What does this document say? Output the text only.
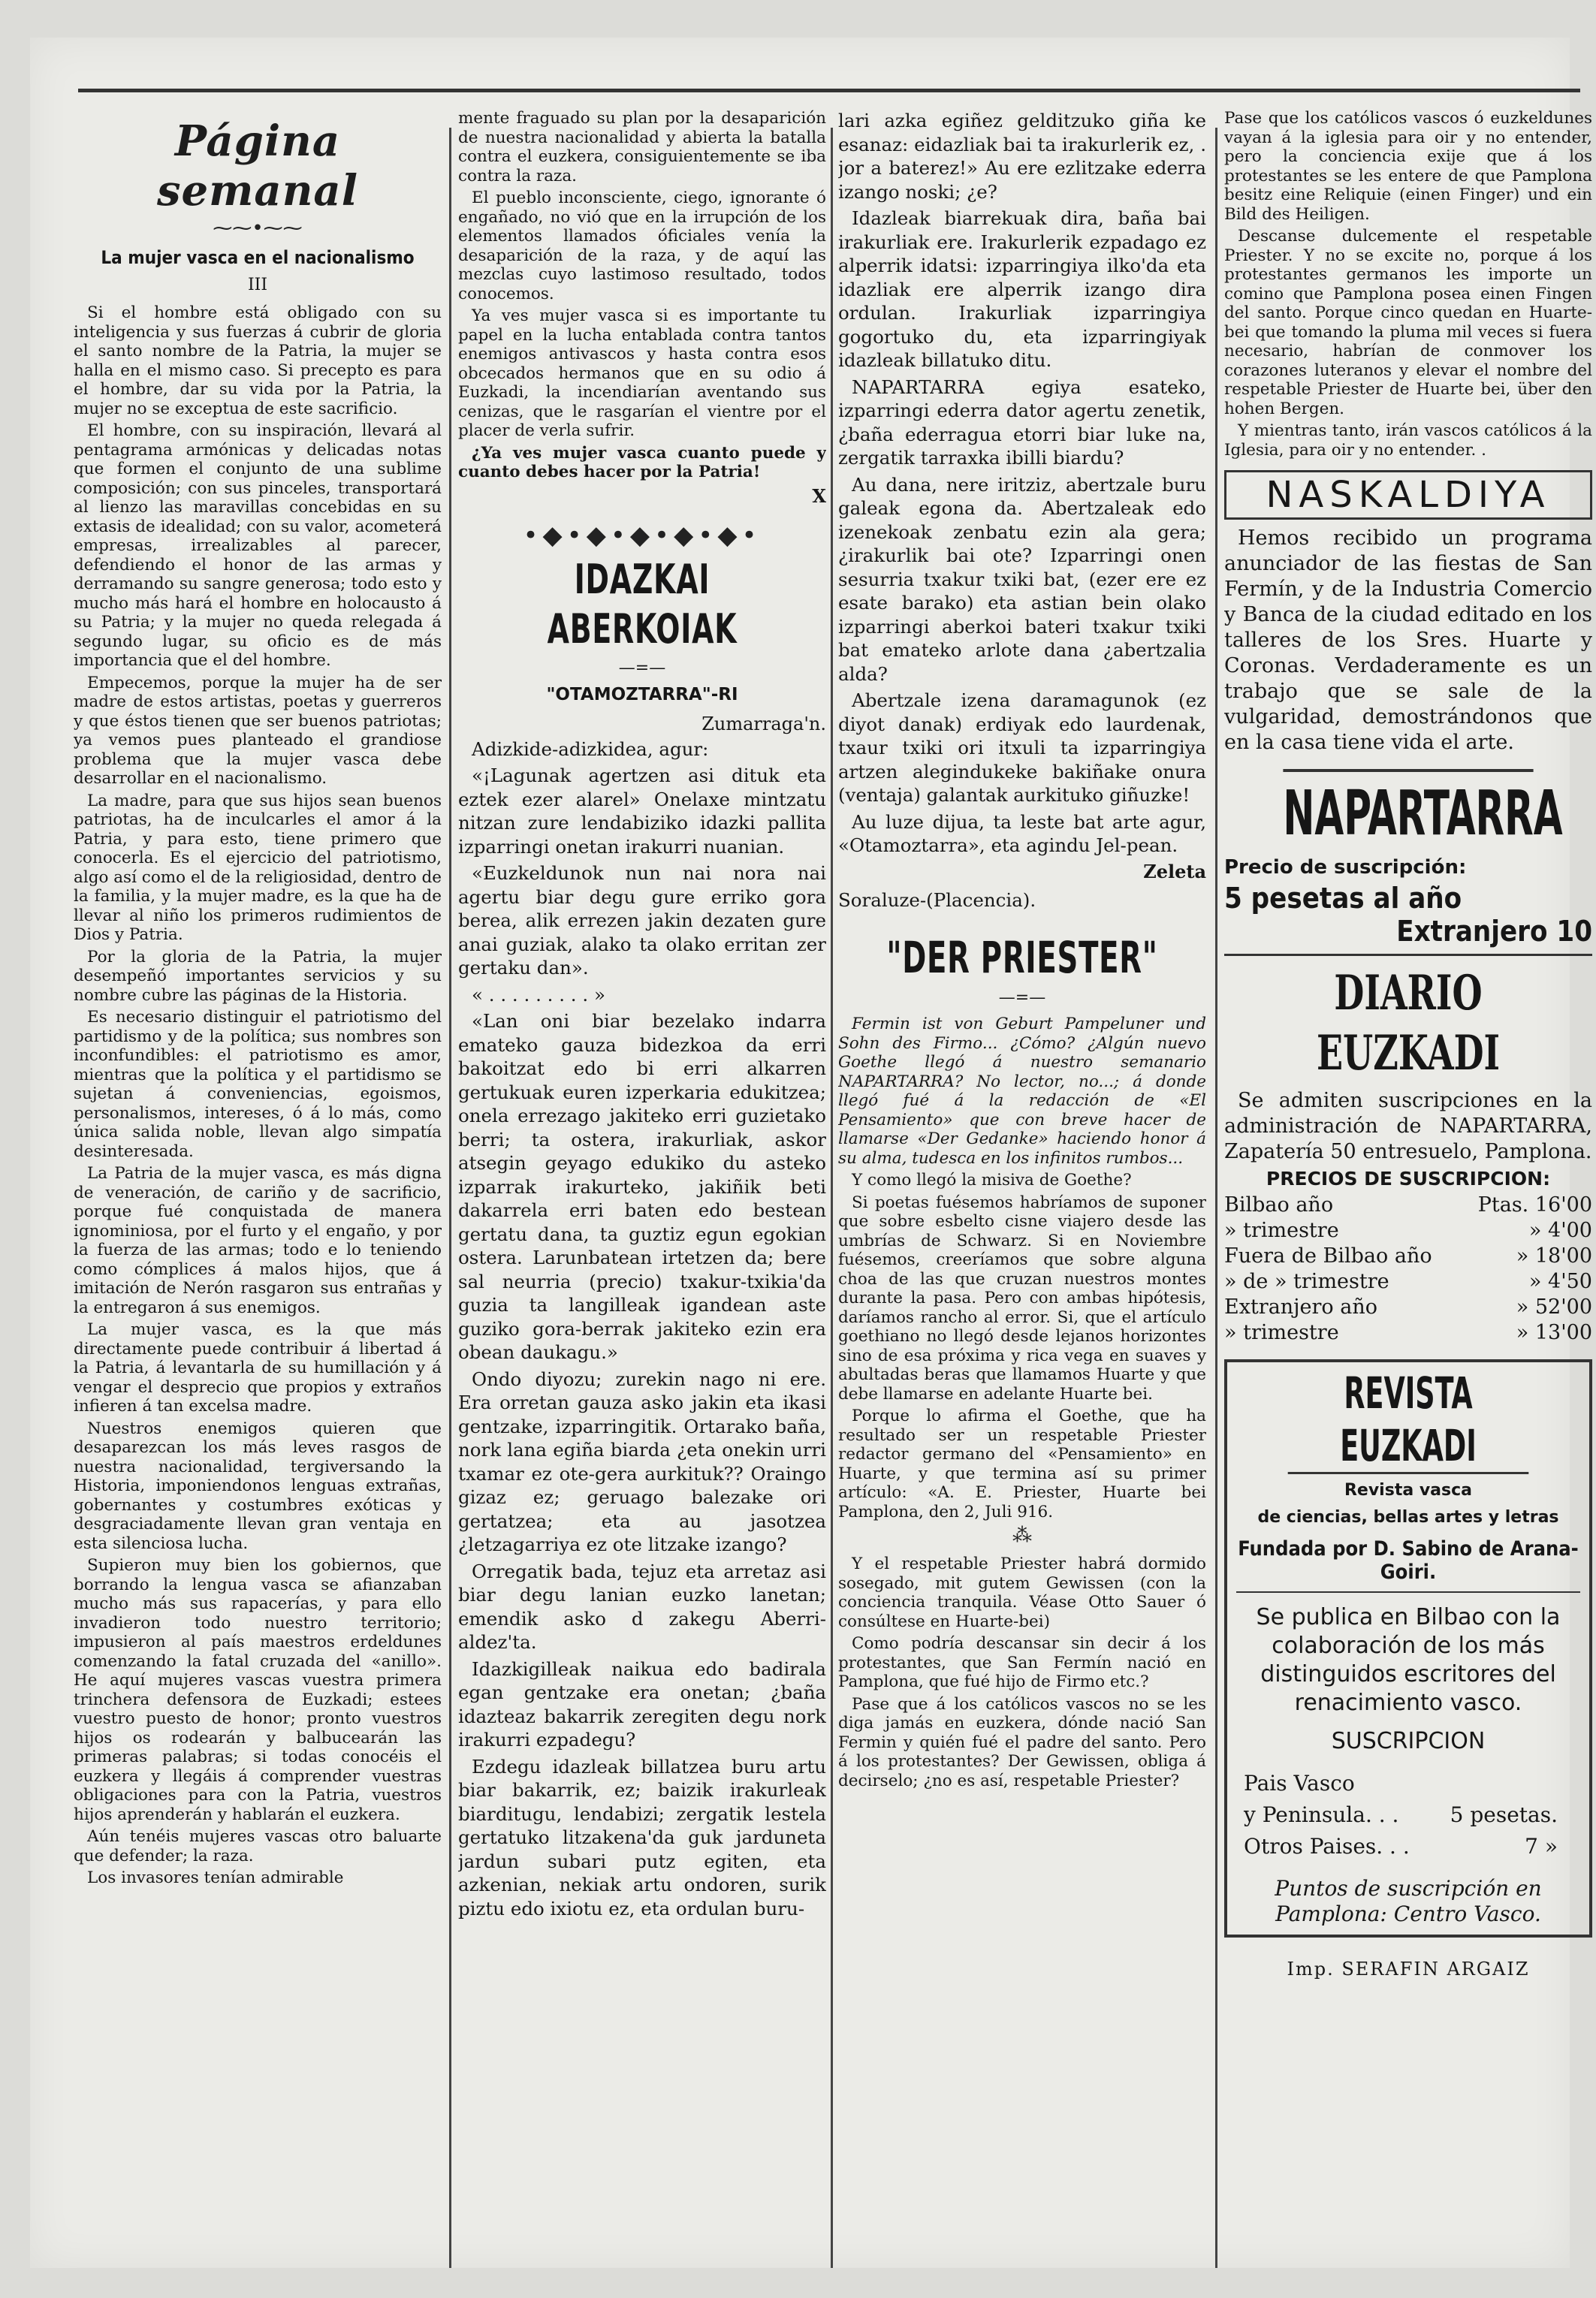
Página semanal
⁓⁓•⁓⁓
La mujer vasca en el nacionalismo
III

Si el hombre está obligado con su inteligencia y sus fuerzas á cubrir de gloria el santo nombre de la Patria, la mujer se halla en el mismo caso. Si precepto es para el hombre, dar su vida por la Patria, la mujer no se exceptua de este sacrificio.

El hombre, con su inspiración, llevará al pentagrama armónicas y delicadas notas que formen el conjunto de una sublime composición; con sus pinceles, transportará al lienzo las maravillas concebidas en su extasis de idealidad; con su valor, acometerá empresas, irrealizables al parecer, defendiendo el honor de las armas y derramando su sangre generosa; todo esto y mucho más hará el hombre en holocausto á su Patria; y la mujer no queda relegada á segundo lugar, su oficio es de más importancia que el del hombre.

Empecemos, porque la mujer ha de ser madre de estos artistas, poetas y guerreros y que éstos tienen que ser buenos patriotas; ya vemos pues planteado el grandiose problema que la mujer vasca debe desarrollar en el nacionalismo.

La madre, para que sus hijos sean buenos patriotas, ha de inculcarles el amor á la Patria, y para esto, tiene primero que conocerla. Es el ejercicio del patriotismo, algo así como el de la religiosidad, dentro de la familia, y la mujer madre, es la que ha de llevar al niño los primeros rudimientos de Dios y Patria.

Por la gloria de la Patria, la mujer desempeñó importantes servicios y su nombre cubre las páginas de la Historia.

Es necesario distinguir el patriotismo del partidismo y de la política; sus nombres son inconfundibles: el patriotismo es amor, mientras que la política y el partidismo se sujetan á conveniencias, egoismos, personalismos, intereses, ó á lo más, como única salida noble, llevan algo simpatía desinteresada.

La Patria de la mujer vasca, es más digna de veneración, de cariño y de sacrificio, porque fué conquistada de manera ignominiosa, por el furto y el engaño, y por la fuerza de las armas; todo e lo teniendo como cómplices á malos hijos, que á imitación de Nerón rasgaron sus entrañas y la entregaron á sus enemigos.

La mujer vasca, es la que más directamente puede contribuir á libertad á la Patria, á levantarla de su humillación y á vengar el desprecio que propios y extraños infieren á tan excelsa madre.

Nuestros enemigos quieren que desaparezcan los más leves rasgos de nuestra nacionalidad, tergiversando la Historia, imponiendonos lenguas extrañas, gobernantes y costumbres exóticas y desgraciadamente llevan gran ventaja en esta silenciosa lucha.

Supieron muy bien los gobiernos, que borrando la lengua vasca se afianzaban mucho más sus rapacerías, y para ello invadieron todo nuestro territorio; impusieron al país maestros erdeldunes comenzando la fatal cruzada del «anillo». He aquí mujeres vascas vuestra primera trinchera defensora de Euzkadi; estees vuestro puesto de honor; pronto vuestros hijos os rodearán y balbucearán las primeras palabras; si todas conocéis el euzkera y llegáis á comprender vuestras obligaciones para con la Patria, vuestros hijos aprenderán y hablarán el euzkera.

Aún tenéis mujeres vascas otro baluarte que defender; la raza.

Los invasores tenían admirable

mente fraguado su plan por la desaparición de nuestra nacionalidad y abierta la batalla contra el euzkera, consiguientemente se iba contra la raza.

El pueblo inconsciente, ciego, ignorante ó engañado, no vió que en la irrupción de los elementos llamados óficiales venía la desaparición de la raza, y de aquí las mezclas cuyo lastimoso resultado, todos conocemos.

Ya ves mujer vasca si es importante tu papel en la lucha entablada contra tantos enemigos antivascos y hasta contra esos obcecados hermanos que en su odio á Euzkadi, la incendiarían aventando sus cenizas, que le rasgarían el vientre por el placer de verla sufrir.

¿Ya ves mujer vasca cuanto puede y cuanto debes hacer por la Patria!

X
•◆•◆•◆•◆•◆•
IDAZKAI ABERKOIAK
—=—
"OTAMOZTARRA"-RI
Zumarraga'n.

Adizkide-adizkidea, agur:

«¡Lagunak agertzen asi dituk eta eztek ezer alarel» Onelaxe mintzatu nitzan zure lendabiziko idazki pallita izparringi onetan irakurri nuanian.

«Euzkeldunok nun nai nora nai agertu biar degu gure erriko gora berea, alik errezen jakin dezaten gure anai guziak, alako ta olako erritan zer gertaku dan».

« . . . . . . . . . »

«Lan oni biar bezelako indarra emateko gauza bidezkoa da erri bakoitzat edo bi erri alkarren gertukuak euren izperkaria edukitzea; onela errezago jakiteko erri guzietako berri; ta ostera, irakurliak, askor atsegin geyago edukiko du asteko izparrak irakurteko, jakiñik beti dakarrela erri baten edo bestean gertatu dana, ta guztiz egun egokian ostera. Larunbatean irtetzen da; bere sal neurria (precio) txakur-txikia'da guzia ta langilleak igandean aste guziko gora-berrak jakiteko ezin era obean daukagu.»

Ondo diyozu; zurekin nago ni ere. Era orretan gauza asko jakin eta ikasi gentzake, izparringitik. Ortarako baña, nork lana egiña biarda ¿eta onekin urri txamar ez ote-gera aurkituk?? Oraingo gizaz ez; geruago balezake ori gertatzea; eta au jasotzea ¿letzagarriya ez ote litzake izango?

Orregatik bada, tejuz eta arretaz asi biar degu lanian euzko lanetan; emendik asko d zakegu Aberri-aldez'ta.

Idazkigilleak naikua edo badirala egan gentzake era onetan; ¿baña idazteaz bakarrik zeregiten degu nork irakurri ezpadegu?

Ezdegu idazleak billatzea buru artu biar bakarrik, ez; baizik irakurleak biarditugu, lendabizi; zergatik lestela gertatuko litzakena'da guk jarduneta jardun subari putz egiten, eta azkenian, nekiak artu ondoren, surik piztu edo ixiotu ez, eta ordulan buru-

lari azka egiñez gelditzuko giña ke esanaz: eidazliak bai ta irakurlerik ez, . jor a baterez!» Au ere ezlitzake ederra izango noski; ¿e?

Idazleak biarrekuak dira, baña bai irakurliak ere. Irakurlerik ezpadago ez alperrik idatsi: izparringiya ilko'da eta idazliak ere alperrik izango dira ordulan. Irakurliak izparringiya gogortuko du, eta izparringiyak idazleak billatuko ditu.

NAPARTARRA egiya esateko, izparringi ederra dator agertu zenetik, ¿baña ederragua etorri biar luke na, zergatik tarraxka ibilli biardu?

Au dana, nere iritziz, abertzale buru galeak egona da. Abertzaleak edo izenekoak zenbatu ezin ala gera; ¿irakurlik bai ote? Izparringi onen sesurria txakur txiki bat, (ezer ere ez esate barako) eta astian bein olako izparringi aberkoi bateri txakur txiki bat emateko arlote dana ¿abertzalia alda?

Abertzale izena daramagunok (ez diyot danak) erdiyak edo laurdenak, txaur txiki ori itxuli ta izparringiya artzen alegindukeke bakiñake onura (ventaja) galantak aurkituko giñuzke!

Au luze dijua, ta leste bat arte agur, «Otamoztarra», eta agindu Jel-pean.

Zeleta

Soraluze-(Placencia).

"DER PRIESTER"
—=—

Fermin ist von Geburt Pampeluner und Sohn des Firmo... ¿Cómo? ¿Algún nuevo Goethe llegó á nuestro semanario NAPARTARRA? No lector, no...; á donde llegó fué á la redacción de «El Pensamiento» que con breve hacer de llamarse «Der Gedanke» haciendo honor á su alma, tudesca en los infinitos rumbos...

Y como llegó la misiva de Goethe?

Si poetas fuésemos habríamos de suponer que sobre esbelto cisne viajero desde las umbrías de Schwarz. Si en Noviembre fuésemos, creeríamos que sobre alguna choa de las que cruzan nuestros montes durante la pasa. Pero con ambas hipótesis, daríamos rancho al error. Si, que el artículo goethiano no llegó desde lejanos horizontes sino de esa próxima y rica vega en suaves y abultadas beras que llamamos Huarte y que debe llamarse en adelante Huarte bei.

Porque lo afirma el Goethe, que ha resultado ser un respetable Priester redactor germano del «Pensamiento» en Huarte, y que termina así su primer artículo: «A. E. Priester, Huarte bei Pamplona, den 2, Juli 916.

⁂

Y el respetable Priester habrá dormido sosegado, mit gutem Gewissen (con la conciencia tranquila. Véase Otto Sauer ó consúltese en Huarte-bei)

Como podría descansar sin decir á los protestantes, que San Fermín nació en Pamplona, que fué hijo de Firmo etc.?

Pase que á los católicos vascos no se les diga jamás en euzkera, dónde nació San Fermin y quién fué el padre del santo. Pero á los protestantes? Der Gewissen, obliga á decirselo; ¿no es así, respetable Priester?

Pase que los católicos vascos ó euzkeldunes vayan á la iglesia para oir y no entender, pero la conciencia exije que á los protestantes se les entere de que Pamplona besitz eine Reliquie (einen Finger) und ein Bild des Heiligen.

Descanse dulcemente el respetable Priester. Y no se excite no, porque á los protestantes germanos les importe un comino que Pamplona posea einen Fingen del santo. Porque cinco quedan en Huarte-bei que tomando la pluma mil veces si fuera necesario, habrían de conmover los corazones luteranos y elevar el nombre del respetable Priester de Huarte bei, über den hohen Bergen.

Y mientras tanto, irán vascos católicos á la Iglesia, para oir y no entender. .

NASKALDIYA

Hemos recibido un programa anunciador de las fiestas de San Fermín, y de la Industria Comercio y Banca de la ciudad editado en los talleres de los Sres. Huarte y Coronas. Verdaderamente es un trabajo que se sale de la vulgaridad, demostrándonos que en la casa tiene vida el arte.

NAPARTARRA
Precio de suscripción:
5 pesetas al año
Extranjero 10
DIARIO EUZKADI

Se admiten suscripciones en la administración de NAPARTARRA, Zapatería 50 entresuelo, Pamplona.

PRECIOS DE SUSCRIPCION:
Bilbao año	Ptas. 16'00
» trimestre	» 4'00
Fuera de Bilbao año	» 18'00
» de » trimestre	» 4'50
Extranjero año	» 52'00
» trimestre	» 13'00
REVISTA EUZKADI
Revista vasca
de ciencias, bellas artes y letras
Fundada por D. Sabino de Arana-Goiri.
Se publica en Bilbao con la colaboración de los más distinguidos escritores del renacimiento vasco.
SUSCRIPCION
Pais Vasco
y Peninsula. . . 5 pesetas.
Otros Paises. . .	7 »
Puntos de suscripción en Pamplona: Centro Vasco.
Imp. SERAFIN ARGAIZ
